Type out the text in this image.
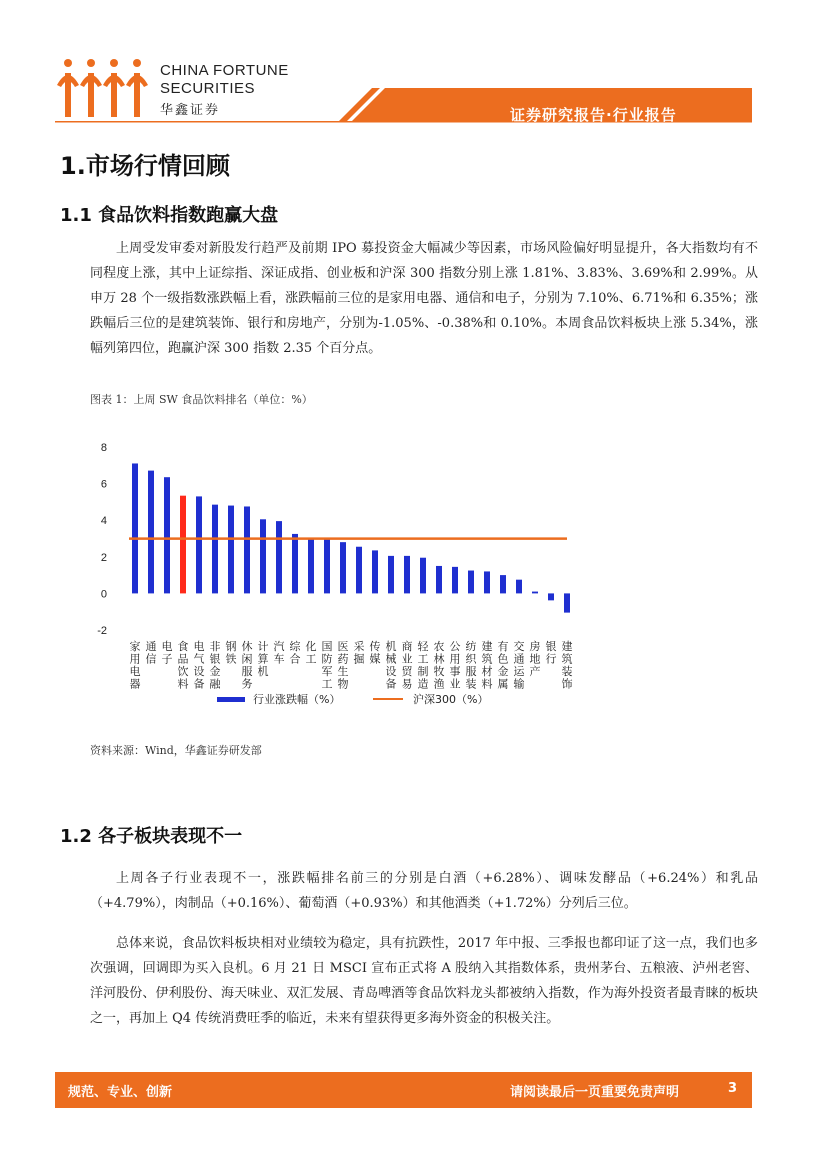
CHINA FORTUNE
SECURITIES
华鑫证券	证券研究报告·行业报告
1.市场行情回顾
1.1 食品饮料指数跑赢大盘

上周受发审委对新股发行趋严及前期 IPO 募投资金大幅减少等因素，市场风险偏好明显提升，各大指数均有不同程度上涨，其中上证综指、深证成指、创业板和沪深 300 指数分别上涨 1.81%、3.83%、3.69%和 2.99%。从申万 28 个一级指数涨跌幅上看，涨跌幅前三位的是家用电器、通信和电子，分别为 7.10%、6.71%和 6.35%；涨跌幅后三位的是建筑装饰、银行和房地产，分别为-1.05%、-0.38%和 0.10%。本周食品饮料板块上涨 5.34%，涨幅列第四位，跑赢沪深 300 指数 2.35 个百分点。

图表 1：上周 SW 食品饮料排名（单位：%）
8
6
4
2
0
-2
家用电器
通信
电子
食品饮料
电气设备
非银金融
钢铁
休闲服务
计算机
汽车
综合
化工
国防军工
医药生物
采掘
传媒
机械设备
商业贸易
轻工制造
农林牧渔
公用事业
纺织服装
建筑材料
有色金属
交通运输
房地产
银行
建筑装饰
行业涨跌幅（%）	沪深300（%）
资料来源：Wind，华鑫证券研发部
1.2 各子板块表现不一

上周各子行业表现不一，涨跌幅排名前三的分别是白酒（+6.28%）、调味发酵品（+6.24%）和乳品（+4.79%），肉制品（+0.16%）、葡萄酒（+0.93%）和其他酒类（+1.72%）分列后三位。

总体来说，食品饮料板块相对业绩较为稳定，具有抗跌性，2017 年中报、三季报也都印证了这一点，我们也多次强调，回调即为买入良机。6 月 21 日 MSCI 宣布正式将 A 股纳入其指数体系，贵州茅台、五粮液、泸州老窖、洋河股份、伊利股份、海天味业、双汇发展、青岛啤酒等食品饮料龙头都被纳入指数，作为海外投资者最青睐的板块之一，再加上 Q4 传统消费旺季的临近，未来有望获得更多海外资金的积极关注。

规范、专业、创新	请阅读最后一页重要免责声明	3
